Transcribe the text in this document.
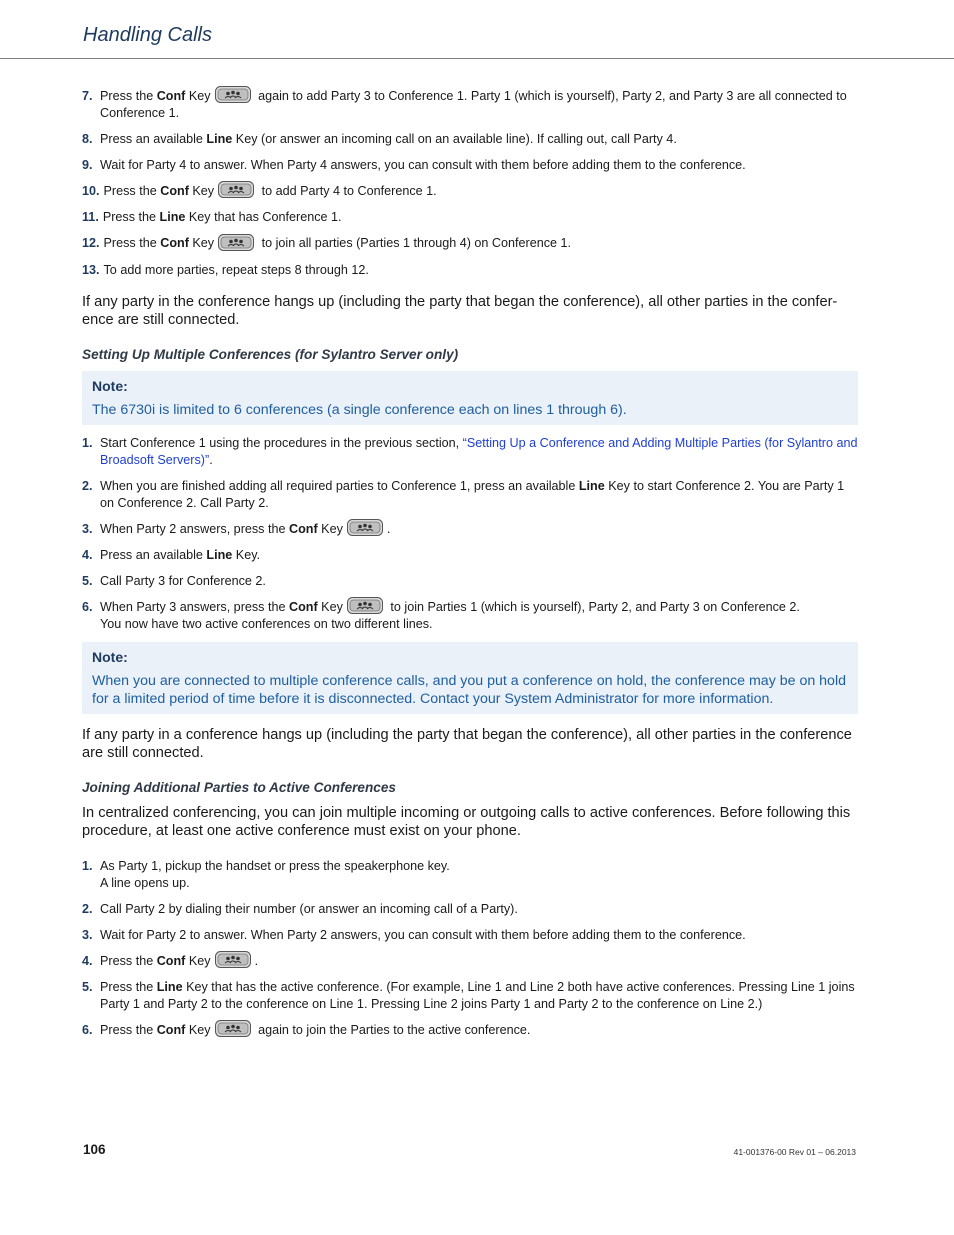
Handling Calls
7. Press the Conf Key	again to add Party 3 to Conference 1. Party 1 (which is yourself), Party 2, and Party 3 are all connected to Conference 1.
8. Press an available Line Key (or answer an incoming call on an available line). If calling out, call Party 4.
9. Wait for Party 4 to answer. When Party 4 answers, you can consult with them before adding them to the conference.
10. Press the Conf Key	to add Party 4 to Conference 1.
11. Press the Line Key that has Conference 1.
12. Press the Conf Key	to join all parties (Parties 1 through 4) on Conference 1.
13. To add more parties, repeat steps 8 through 12.
If any party in the conference hangs up (including the party that began the conference), all other parties in the confer-ence are still connected.
Setting Up Multiple Conferences (for Sylantro Server only)
Note:
The 6730i is limited to 6 conferences (a single conference each on lines 1 through 6).
1. Start Conference 1 using the procedures in the previous section, “Setting Up a Conference and Adding Multiple Parties (for Sylantro and Broadsoft Servers)”.
2. When you are finished adding all required parties to Conference 1, press an available Line Key to start Conference 2. You are Party 1 on Conference 2. Call Party 2.
3. When Party 2 answers, press the Conf Key	.
4. Press an available Line Key.
5. Call Party 3 for Conference 2.
6. When Party 3 answers, press the Conf Key	to join Parties 1 (which is yourself), Party 2, and Party 3 on Conference 2.
You now have two active conferences on two different lines.
Note:
When you are connected to multiple conference calls, and you put a conference on hold, the conference may be on hold for a limited period of time before it is disconnected. Contact your System Administrator for more information.
If any party in a conference hangs up (including the party that began the conference), all other parties in the conference are still connected.
Joining Additional Parties to Active Conferences
In centralized conferencing, you can join multiple incoming or outgoing calls to active conferences. Before following this procedure, at least one active conference must exist on your phone.
1. As Party 1, pickup the handset or press the speakerphone key.
A line opens up.
2. Call Party 2 by dialing their number (or answer an incoming call of a Party).
3. Wait for Party 2 to answer. When Party 2 answers, you can consult with them before adding them to the conference.
4. Press the Conf Key	.
5. Press the Line Key that has the active conference. (For example, Line 1 and Line 2 both have active conferences. Pressing Line 1 joins Party 1 and Party 2 to the conference on Line 1. Pressing Line 2 joins Party 1 and Party 2 to the conference on Line 2.)
6. Press the Conf Key	again to join the Parties to the active conference.
106	41-001376-00 Rev 01 – 06.2013
